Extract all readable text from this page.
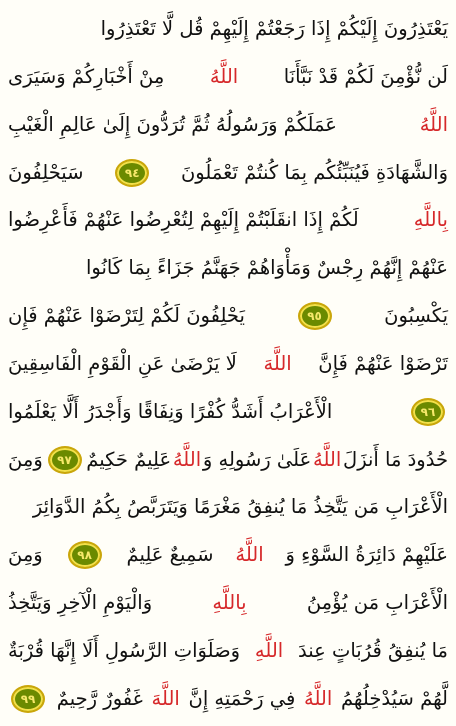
يَعْتَذِرُونَ إِلَيْكُمْ إِذَا رَجَعْتُمْ إِلَيْهِمْ قُل لَّا تَعْتَذِرُوا
لَن نُّؤْمِنَ لَكُمْ قَدْ نَبَّأَنَا
اللَّهُ
مِنْ أَخْبَارِكُمْ وَسَيَرَى
اللَّهُ
عَمَلَكُمْ وَرَسُولُهُ ثُمَّ تُرَدُّونَ إِلَىٰ عَالِمِ الْغَيْبِ
وَالشَّهَادَةِ فَيُنَبِّئُكُم بِمَا كُنتُمْ تَعْمَلُونَ
٩٤
سَيَحْلِفُونَ
بِاللَّهِ
لَكُمْ إِذَا انقَلَبْتُمْ إِلَيْهِمْ لِتُعْرِضُوا عَنْهُمْ فَأَعْرِضُوا
عَنْهُمْ إِنَّهُمْ رِجْسٌ وَمَأْوَاهُمْ جَهَنَّمُ جَزَاءً بِمَا كَانُوا
يَكْسِبُونَ
٩٥
يَحْلِفُونَ لَكُمْ لِتَرْضَوْا عَنْهُمْ فَإِن
تَرْضَوْا عَنْهُمْ فَإِنَّ
اللَّهَ
لَا يَرْضَىٰ عَنِ الْقَوْمِ الْفَاسِقِينَ
٩٦
الْأَعْرَابُ أَشَدُّ كُفْرًا وَنِفَاقًا وَأَجْدَرُ أَلَّا يَعْلَمُوا
حُدُودَ مَا أَنزَلَ
اللَّهُ
عَلَىٰ رَسُولِهِ وَ
اللَّهُ
عَلِيمٌ حَكِيمٌ
٩٧
وَمِنَ
الْأَعْرَابِ مَن يَتَّخِذُ مَا يُنفِقُ مَغْرَمًا وَيَتَرَبَّصُ بِكُمُ الدَّوَائِرَ
عَلَيْهِمْ دَائِرَةُ السَّوْءِ وَ
اللَّهُ
سَمِيعٌ عَلِيمٌ
٩٨
وَمِنَ
الْأَعْرَابِ مَن يُؤْمِنُ
بِاللَّهِ
وَالْيَوْمِ الْآخِرِ وَيَتَّخِذُ
مَا يُنفِقُ قُرُبَاتٍ عِندَ
اللَّهِ
وَصَلَوَاتِ الرَّسُولِ أَلَا إِنَّهَا قُرْبَةٌ
لَّهُمْ سَيُدْخِلُهُمُ
اللَّهُ
فِي رَحْمَتِهِ إِنَّ
اللَّهَ
غَفُورٌ رَّحِيمٌ
٩٩
